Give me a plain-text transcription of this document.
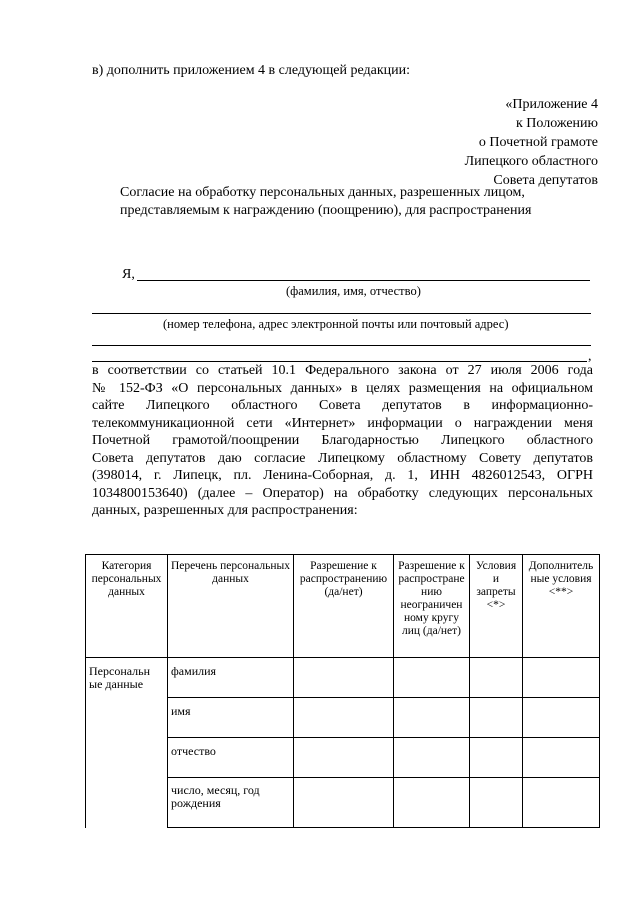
в) дополнить приложением 4 в следующей редакции:
«Приложение 4
к Положению
о Почетной грамоте
Липецкого областного
Совета депутатов
Согласие на обработку персональных данных, разрешенных лицом,
представляемым к награждению (поощрению), для распространения
Я,
(фамилия, имя, отчество)
(номер телефона, адрес электронной почты или почтовый адрес)
,
в соответствии со статьей 10.1 Федерального закона от 27 июля 2006 года
№ 152-ФЗ «О персональных данных» в целях размещения на официальном
сайте Липецкого областного Совета депутатов в информационно-
телекоммуникационной сети «Интернет» информации о награждении меня
Почетной грамотой/поощрении Благодарностью Липецкого областного
Совета депутатов даю согласие Липецкому областному Совету депутатов
(398014, г. Липецк, пл. Ленина-Соборная, д. 1, ИНН 4826012543, ОГРН
1034800153640) (далее – Оператор) на обработку следующих персональных
данных, разрешенных для распространения:
Категория персональных данных	Перечень персональных данных	Разрешение к распространению (да/нет)	Разрешение к распростране нию неограничен ному кругу лиц (да/нет)	Условия и запреты <*>	Дополнитель ные условия <**>
Персональн ые данные	фамилия				
	имя				
	отчество				
	число, месяц, год рождения				
